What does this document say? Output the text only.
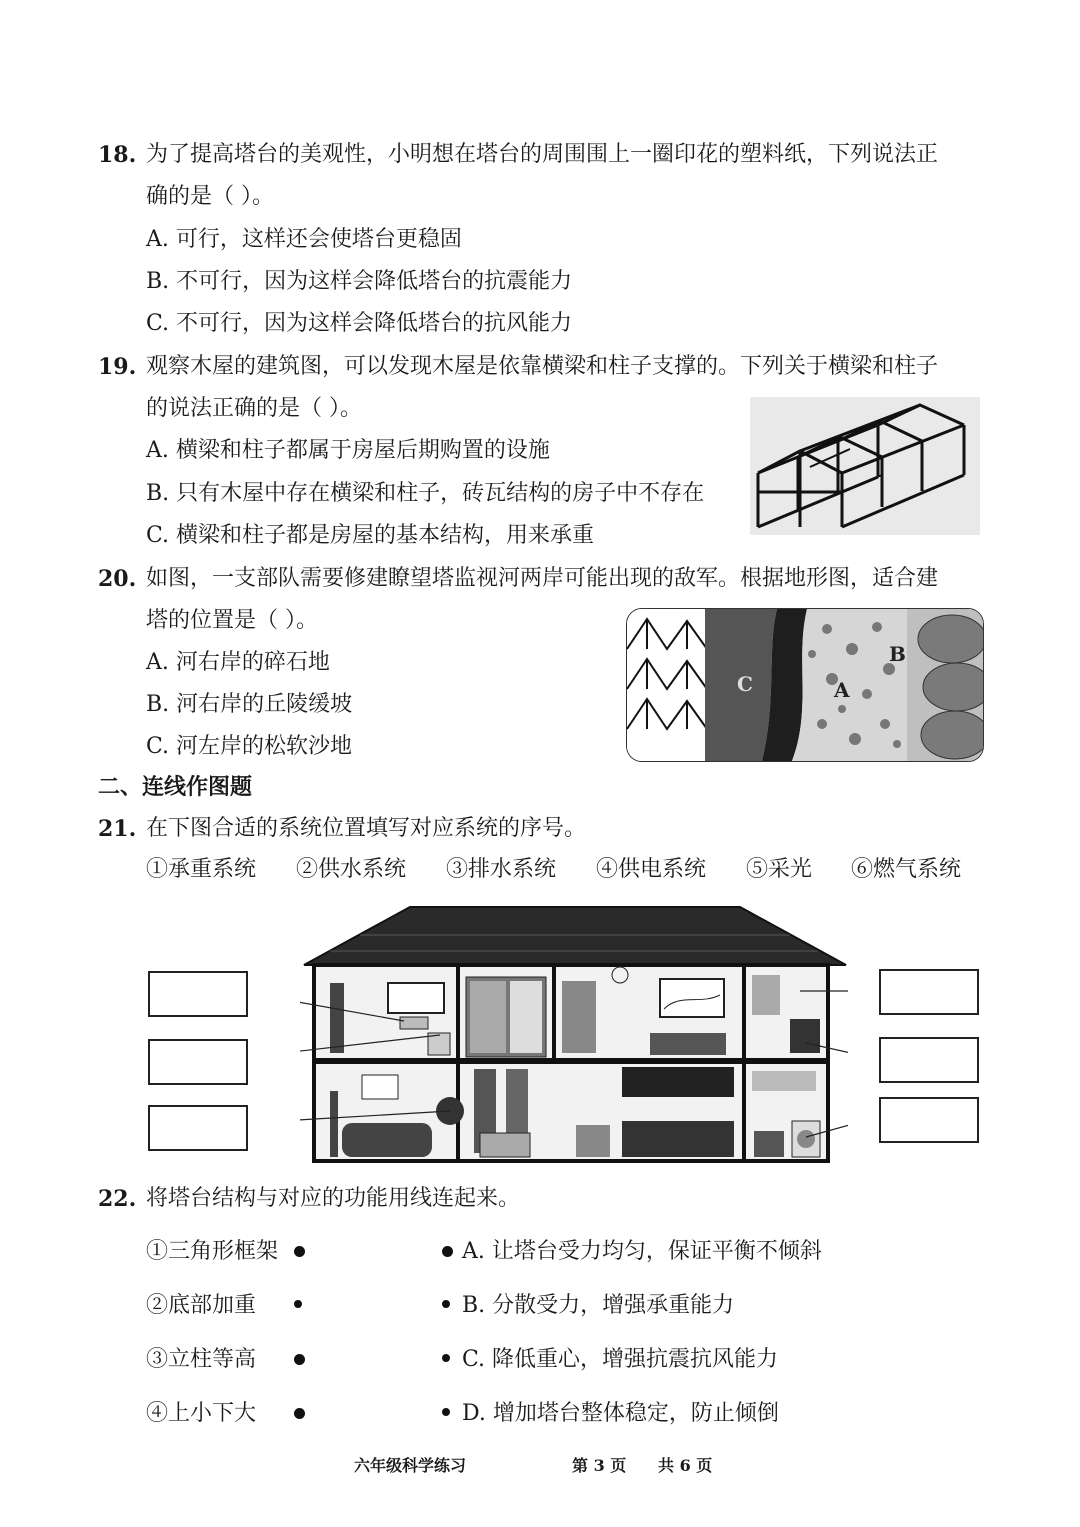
18. 为了提高塔台的美观性，小明想在塔台的周围围上一圈印花的塑料纸，下列说法正
确的是（ ）。
A. 可行，这样还会使塔台更稳固
B. 不可行，因为这样会降低塔台的抗震能力
C. 不可行，因为这样会降低塔台的抗风能力
19. 观察木屋的建筑图，可以发现木屋是依靠横梁和柱子支撑的。下列关于横梁和柱子
的说法正确的是（ ）。
A. 横梁和柱子都属于房屋后期购置的设施
B. 只有木屋中存在横梁和柱子，砖瓦结构的房子中不存在
C. 横梁和柱子都是房屋的基本结构，用来承重
20. 如图，一支部队需要修建瞭望塔监视河两岸可能出现的敌军。根据地形图，适合建
塔的位置是（ ）。
A. 河右岸的碎石地
B. 河右岸的丘陵缓坡
C. 河左岸的松软沙地
C	A
B
二、连线作图题
21. 在下图合适的系统位置填写对应系统的序号。
①承重系统 ②供水系统 ③排水系统 ④供电系统 ⑤采光 ⑥燃气系统
22. 将塔台结构与对应的功能用线连起来。
①三角形框架
②底部加重
③立柱等高
④上小下大
A. 让塔台受力均匀，保证平衡不倾斜
B. 分散受力，增强承重能力
C. 降低重心，增强抗震抗风能力
D. 增加塔台整体稳定，防止倾倒
六年级科学练习	第 3 页 共 6 页
